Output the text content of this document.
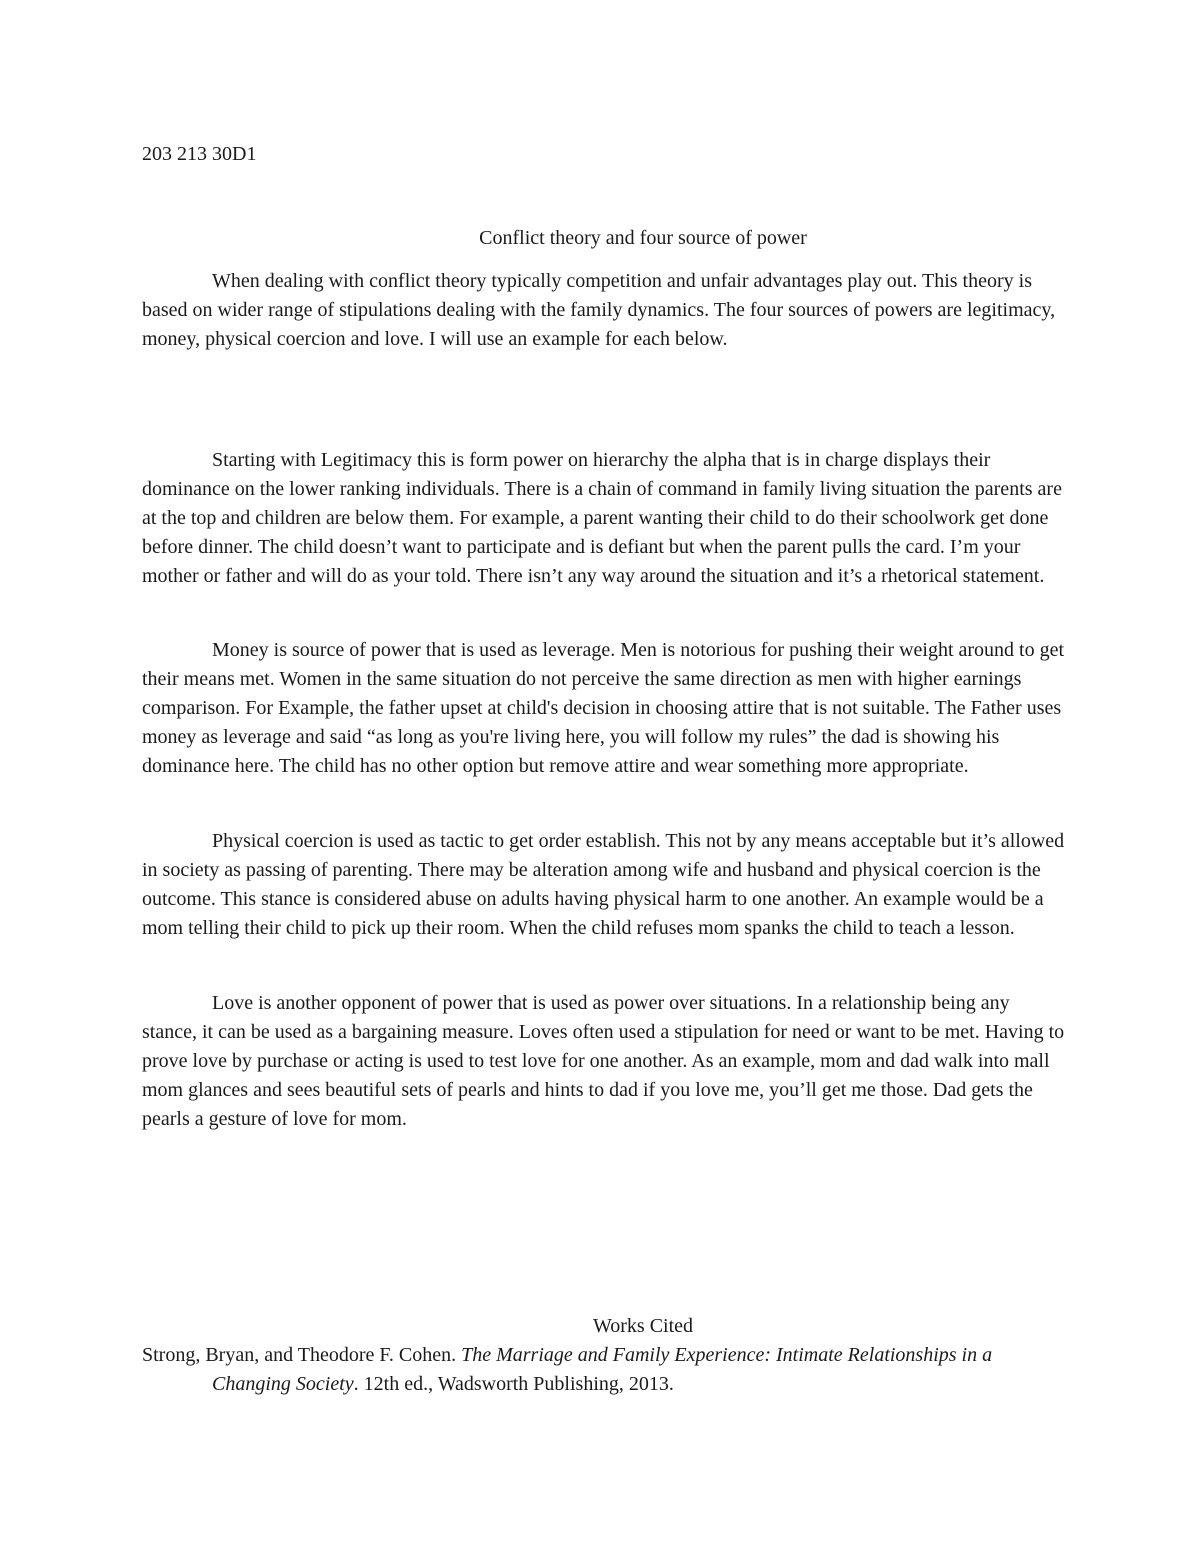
203 213 30D1
Conflict theory and four source of power

When dealing with conflict theory typically competition and unfair advantages play out. This theory is based on wider range of stipulations dealing with the family dynamics. The four sources of powers are legitimacy, money, physical coercion and love. I will use an example for each below.

Starting with Legitimacy this is form power on hierarchy the alpha that is in charge displays their dominance on the lower ranking individuals. There is a chain of command in family living situation the parents are at the top and children are below them. For example, a parent wanting their child to do their schoolwork get done before dinner. The child doesn’t want to participate and is defiant but when the parent pulls the card. I’m your mother or father and will do as your told. There isn’t any way around the situation and it’s a rhetorical statement.

Money is source of power that is used as leverage. Men is notorious for pushing their weight around to get their means met. Women in the same situation do not perceive the same direction as men with higher earnings comparison. For Example, the father upset at child's decision in choosing attire that is not suitable. The Father uses money as leverage and said “as long as you're living here, you will follow my rules” the dad is showing his dominance here. The child has no other option but remove attire and wear something more appropriate.

Physical coercion is used as tactic to get order establish. This not by any means acceptable but it’s allowed in society as passing of parenting. There may be alteration among wife and husband and physical coercion is the outcome. This stance is considered abuse on adults having physical harm to one another. An example would be a mom telling their child to pick up their room. When the child refuses mom spanks the child to teach a lesson.

Love is another opponent of power that is used as power over situations. In a relationship being any stance, it can be used as a bargaining measure. Loves often used a stipulation for need or want to be met. Having to prove love by purchase or acting is used to test love for one another. As an example, mom and dad walk into mall mom glances and sees beautiful sets of pearls and hints to dad if you love me, you’ll get me those. Dad gets the pearls a gesture of love for mom.

Works Cited
Strong, Bryan, and Theodore F. Cohen. The Marriage and Family Experience: Intimate Relationships in a Changing Society. 12th ed., Wadsworth Publishing, 2013.
